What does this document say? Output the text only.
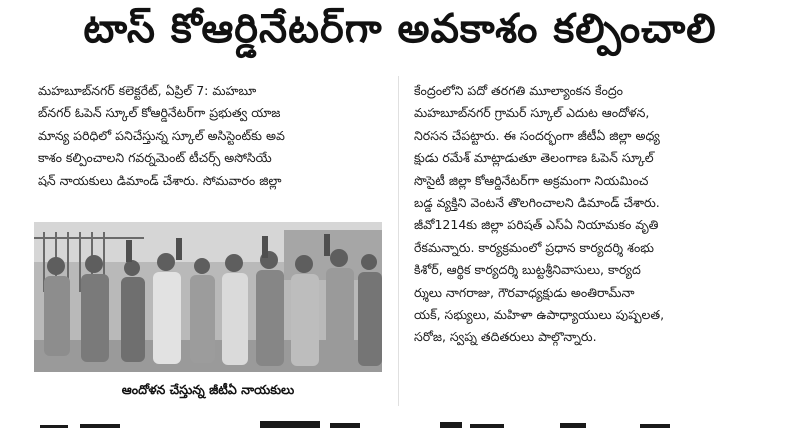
టాస్ కోఆర్డినేటర్‌గా అవకాశం కల్పించాలి
మహబూబ్‌నగర్ కలెక్టరేట్, ఏప్రిల్ 7: మహబూ
బ్‌నగర్ ఓపెన్ స్కూల్ కోఆర్డినేటర్‌గా ప్రభుత్వ యాజ
మాన్య పరిధిలో పనిచేస్తున్న స్కూల్ అసిస్టెంట్‌కు అవ
కాశం కల్పించాలని గవర్నమెంట్ టీచర్స్ అసోసియే
షన్ నాయకులు డిమాండ్ చేశారు. సోమవారం జిల్లా
ఆందోళన చేస్తున్న జీటీఏ నాయకులు
కేంద్రంలోని పదో తరగతి మూల్యాంకన కేంద్రం
మహబూబ్‌నగర్ గ్రామర్ స్కూల్ ఎదుట ఆందోళన,
నిరసన చేపట్టారు. ఈ సందర్భంగా జీటీఏ జిల్లా అధ్య
క్షుడు రమేశ్ మాట్లాడుతూ తెలంగాణ ఓపెన్ స్కూల్
సొసైటీ జిల్లా కోఆర్డినేటర్‌గా అక్రమంగా నియమించ
బడ్డ వ్యక్తిని వెంటనే తొలగించాలని డిమాండ్ చేశారు.
జీవో1214కు జిల్లా పరిషత్ ఎస్‌ఏ నియామకం వృతి
రేకమన్నారు. కార్యక్రమంలో ప్రధాన కార్యదర్శి శంభు
కిశోర్, ఆర్థిక కార్యదర్శి బుట్టశ్రీనివాసులు, కార్యద
ర్శులు నాగరాజు, గౌరవాధ్యక్షుడు అంతిరామ్‌నా
యక్, సభ్యులు, మహిళా ఉపాధ్యాయులు పుష్పలత,
సరోజ, స్వప్న తదితరులు పాల్గొన్నారు.
